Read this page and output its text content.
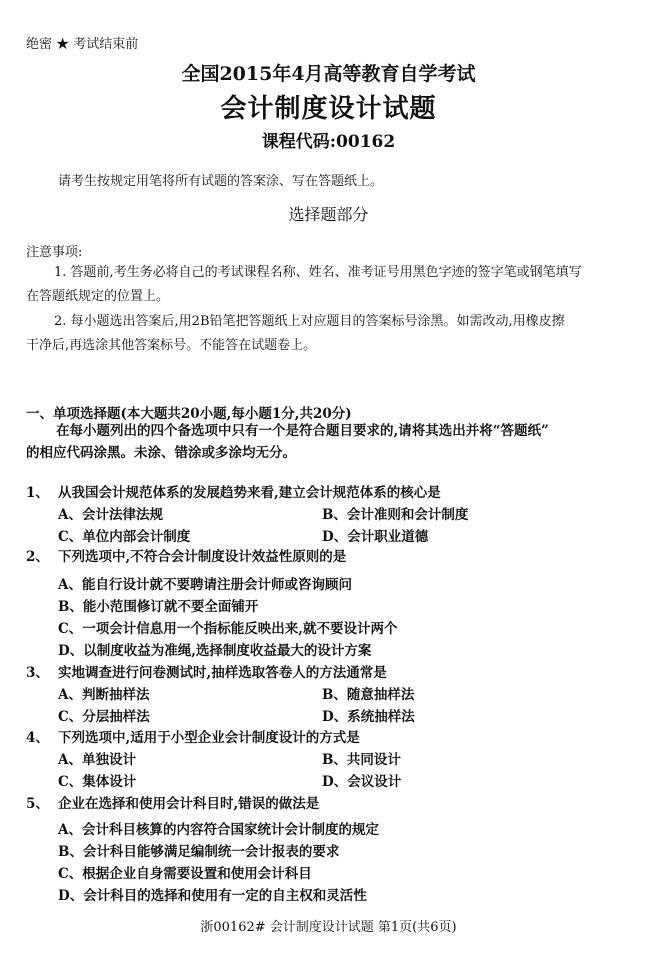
绝密 ★ 考试结束前
全国2015年4月高等教育自学考试
会计制度设计试题
课程代码:00162
请考生按规定用笔将所有试题的答案涂、写在答题纸上。
选择题部分
注意事项:
1. 答题前,考生务必将自己的考试课程名称、姓名、准考证号用黑色字迹的签字笔或钢笔填写
在答题纸规定的位置上。
2. 每小题选出答案后,用2B铅笔把答题纸上对应题目的答案标号涂黑。如需改动,用橡皮擦
干净后,再选涂其他答案标号。不能答在试题卷上。
一、单项选择题(本大题共20小题,每小题1分,共20分)
在每小题列出的四个备选项中只有一个是符合题目要求的,请将其选出并将“答题纸”
的相应代码涂黑。未涂、错涂或多涂均无分。
1、 从我国会计规范体系的发展趋势来看,建立会计规范体系的核心是
A、会计法律法规	B、会计准则和会计制度
C、单位内部会计制度	D、会计职业道德
2、 下列选项中,不符合会计制度设计效益性原则的是
A、能自行设计就不要聘请注册会计师或咨询顾问
B、能小范围修订就不要全面铺开
C、一项会计信息用一个指标能反映出来,就不要设计两个
D、以制度收益为准绳,选择制度收益最大的设计方案
3、 实地调查进行问卷测试时,抽样选取答卷人的方法通常是
A、判断抽样法	B、随意抽样法
C、分层抽样法	D、系统抽样法
4、 下列选项中,适用于小型企业会计制度设计的方式是
A、单独设计	B、共同设计
C、集体设计	D、会议设计
5、 企业在选择和使用会计科目时,错误的做法是
A、会计科目核算的内容符合国家统计会计制度的规定
B、会计科目能够满足编制统一会计报表的要求
C、根据企业自身需要设置和使用会计科目
D、会计科目的选择和使用有一定的自主权和灵活性
浙00162# 会计制度设计试题 第1页(共6页)
